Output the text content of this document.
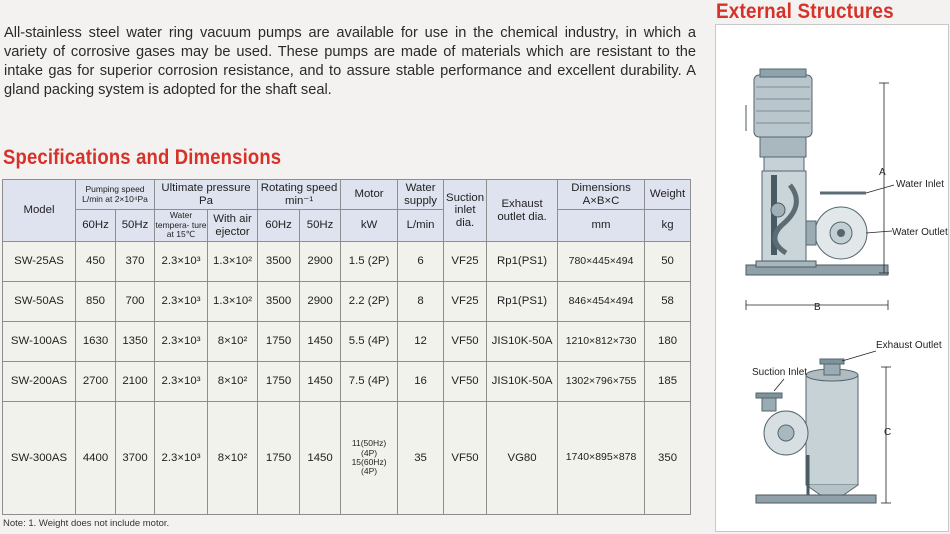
All-stainless steel water ring vacuum pumps are available for use in the chemical industry, in which a variety of corrosive gases may be used. These pumps are made of materials which are resistant to the intake gas for superior corrosion resistance, and to assure stable performance and excellent durability. A gland packing system is adopted for the shaft seal.
Specifications and Dimensions
External Structures
Model	Pumping speed L/min at 2×10⁴Pa		Ultimate pressure Pa		Rotating speed min⁻¹		Motor	Water supply	Suction inlet dia.	Exhaust outlet dia.	Dimensions A×B×C	Weight
	60Hz	50Hz	Water tempera- ture at 15℃	With air ejector	60Hz	50Hz	kW	L/min			mm	kg
SW-25AS	450	370	2.3×10³	1.3×10²	3500	2900	1.5 (2P)	6	VF25	Rp1(PS1)	780×445×494	50
SW-50AS	850	700	2.3×10³	1.3×10²	3500	2900	2.2 (2P)	8	VF25	Rp1(PS1)	846×454×494	58
SW-100AS	1630	1350	2.3×10³	8×10²	1750	1450	5.5 (4P)	12	VF50	JIS10K-50A	1210×812×730	180
SW-200AS	2700	2100	2.3×10³	8×10²	1750	1450	7.5 (4P)	16	VF50	JIS10K-50A	1302×796×755	185
SW-300AS	4400	3700	2.3×10³	8×10²	1750	1450	11(50Hz)
(4P)
15(60Hz)
(4P)	35	VF50	VG80	1740×895×878	350
Note: 1. Weight does not include motor.
A
Water Inlet
Water Outlet
B
Exhaust Outlet
Suction Inlet
C
